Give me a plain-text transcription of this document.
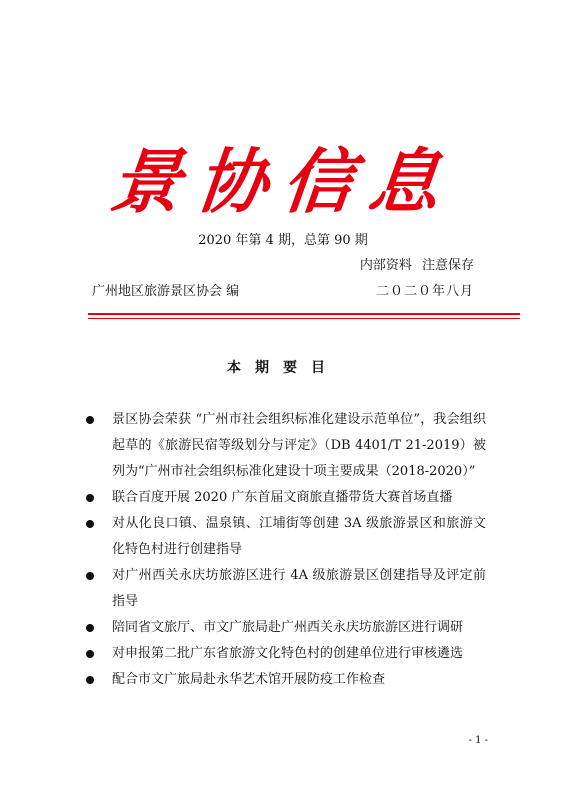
景协信息
2020 年第 4 期，总第 90 期
内部资料 注意保存
广州地区旅游景区协会 编	二０二０年八月
本期要目
景区协会荣获 “广州市社会组织标准化建设示范单位”，我会组织起草的《旅游民宿等级划分与评定》（DB 4401/T 21-2019）被列为“广州市社会组织标准化建设十项主要成果（2018-2020）”
联合百度开展 2020 广东首届文商旅直播带货大赛首场直播
对从化良口镇、温泉镇、江埔街等创建 3A 级旅游景区和旅游文化特色村进行创建指导
对广州西关永庆坊旅游区进行 4A 级旅游景区创建指导及评定前指导
陪同省文旅厅、市文广旅局赴广州西关永庆坊旅游区进行调研
对申报第二批广东省旅游文化特色村的创建单位进行审核遴选
配合市文广旅局赴永华艺术馆开展防疫工作检查
- 1 -
